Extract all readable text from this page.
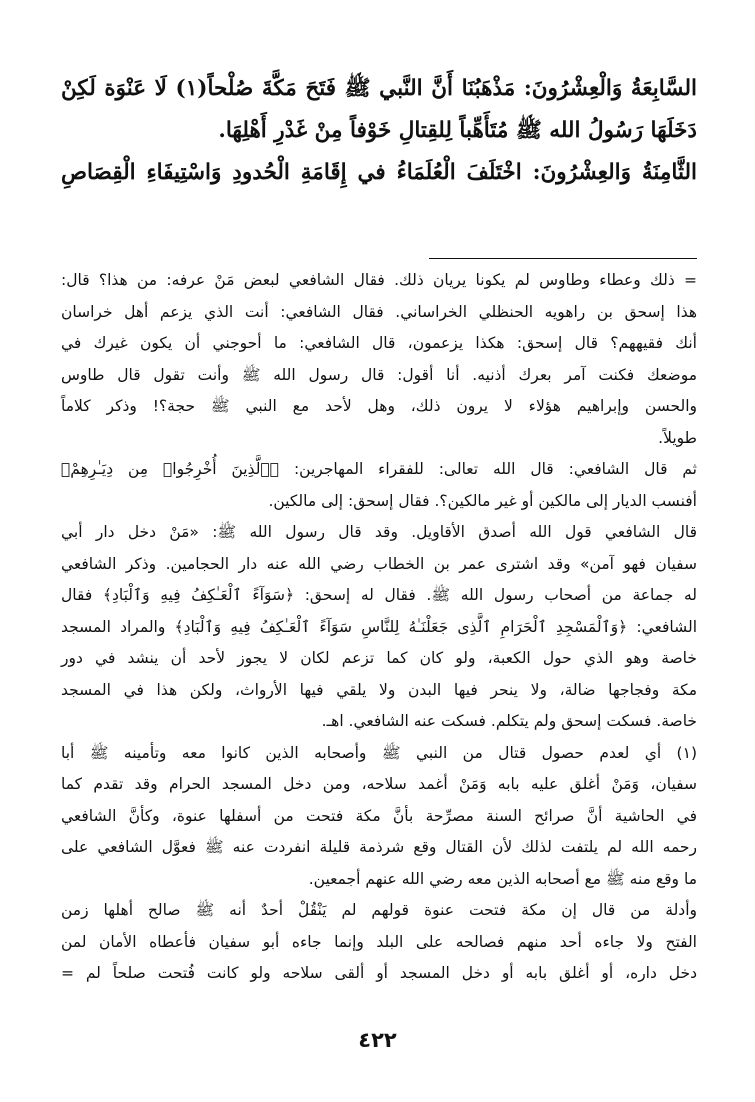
السَّابِعَةُ وَالْعِشْرُونَ: مَذْهَبُنَا أَنَّ النَّبي ﷺ فَتَحَ مَكَّةَ صُلْحاً(١) لَا عَنْوَة لَكِنْ

دَخَلَهَا رَسُولُ الله ﷺ مُتَأَهِّباً لِلقِتالِ خَوْفاً مِنْ غَدْرِ أَهْلِهَا.

الثَّامِنَةُ وَالعِشْرُونَ: اخْتَلَفَ الْعُلَمَاءُ في إِقَامَةِ الْحُدودِ وَاسْتِيفَاءِ الْقِصَاصِ

= ذلك وعطاء وطاوس لم يكونا يريان ذلك. فقال الشافعي لبعض مَنْ عرفه: من هذا؟ قال:

هذا إسحق بن راهويه الحنظلي الخراساني. فقال الشافعي: أنت الذي يزعم أهل خراسان

أنك فقيههم؟ قال إسحق: هكذا يزعمون، قال الشافعي: ما أحوجني أن يكون غيرك في

موضعك فكنت آمر بعرك أذنيه. أنا أقول: قال رسول الله ﷺ وأنت تقول قال طاوس

والحسن وإبراهيم هؤلاء لا يرون ذلك، وهل لأحد مع النبي ﷺ حجة؟! وذكر كلاماً

طويلاً.

ثم قال الشافعي: قال الله تعالى: للفقراء المهاجرين: ﴿ٱلَّذِينَ أُخْرِجُوا۟ مِن دِيَـٰرِهِمْ﴾

أفنسب الديار إلى مالكين أو غير مالكين؟. فقال إسحق: إلى مالكين.

قال الشافعي قول الله أصدق الأقاويل. وقد قال رسول الله ﷺ: «مَنْ دخل دار أبي

سفيان فهو آمن» وقد اشترى عمر بن الخطاب رضي الله عنه دار الحجامين. وذكر الشافعي

له جماعة من أصحاب رسول الله ﷺ. فقال له إسحق: ﴿سَوَآءً ٱلْعَـٰكِفُ فِيهِ وَٱلْبَادِ﴾ فقال

الشافعي: ﴿وَٱلْمَسْجِدِ ٱلْحَرَامِ ٱلَّذِى جَعَلْنَـٰهُ لِلنَّاسِ سَوَآءً ٱلْعَـٰكِفُ فِيهِ وَٱلْبَادِ﴾ والمراد المسجد

خاصة وهو الذي حول الكعبة، ولو كان كما تزعم لكان لا يجوز لأحد أن ينشد في دور

مكة وفجاجها ضالة، ولا ينحر فيها البدن ولا يلقي فيها الأرواث، ولكن هذا في المسجد

خاصة. فسكت إسحق ولم يتكلم. فسكت عنه الشافعي. اهـ.

(١) أي لعدم حصول قتال من النبي ﷺ وأصحابه الذين كانوا معه وتأمينه ﷺ أبا

سفيان، وَمَنْ أغلق عليه بابه وَمَنْ أغمد سلاحه، ومن دخل المسجد الحرام وقد تقدم كما

في الحاشية أنَّ صرائح السنة مصرِّحة بأنَّ مكة فتحت من أسفلها عنوة، وكأنَّ الشافعي

رحمه الله لم يلتفت لذلك لأن القتال وقع شرذمة قليلة انفردت عنه ﷺ فعوَّل الشافعي على

ما وقع منه ﷺ مع أصحابه الذين معه رضي الله عنهم أجمعين.

وأدلة من قال إن مكة فتحت عنوة قولهم لم يَنْقُلْ أحدٌ أنه ﷺ صالح أهلها زمن

الفتح ولا جاءه أحد منهم فصالحه على البلد وإنما جاءه أبو سفيان فأعطاه الأمان لمن

دخل داره، أو أغلق بابه أو دخل المسجد أو ألقى سلاحه ولو كانت فُتحت صلحاً لم =

٤٢٢
